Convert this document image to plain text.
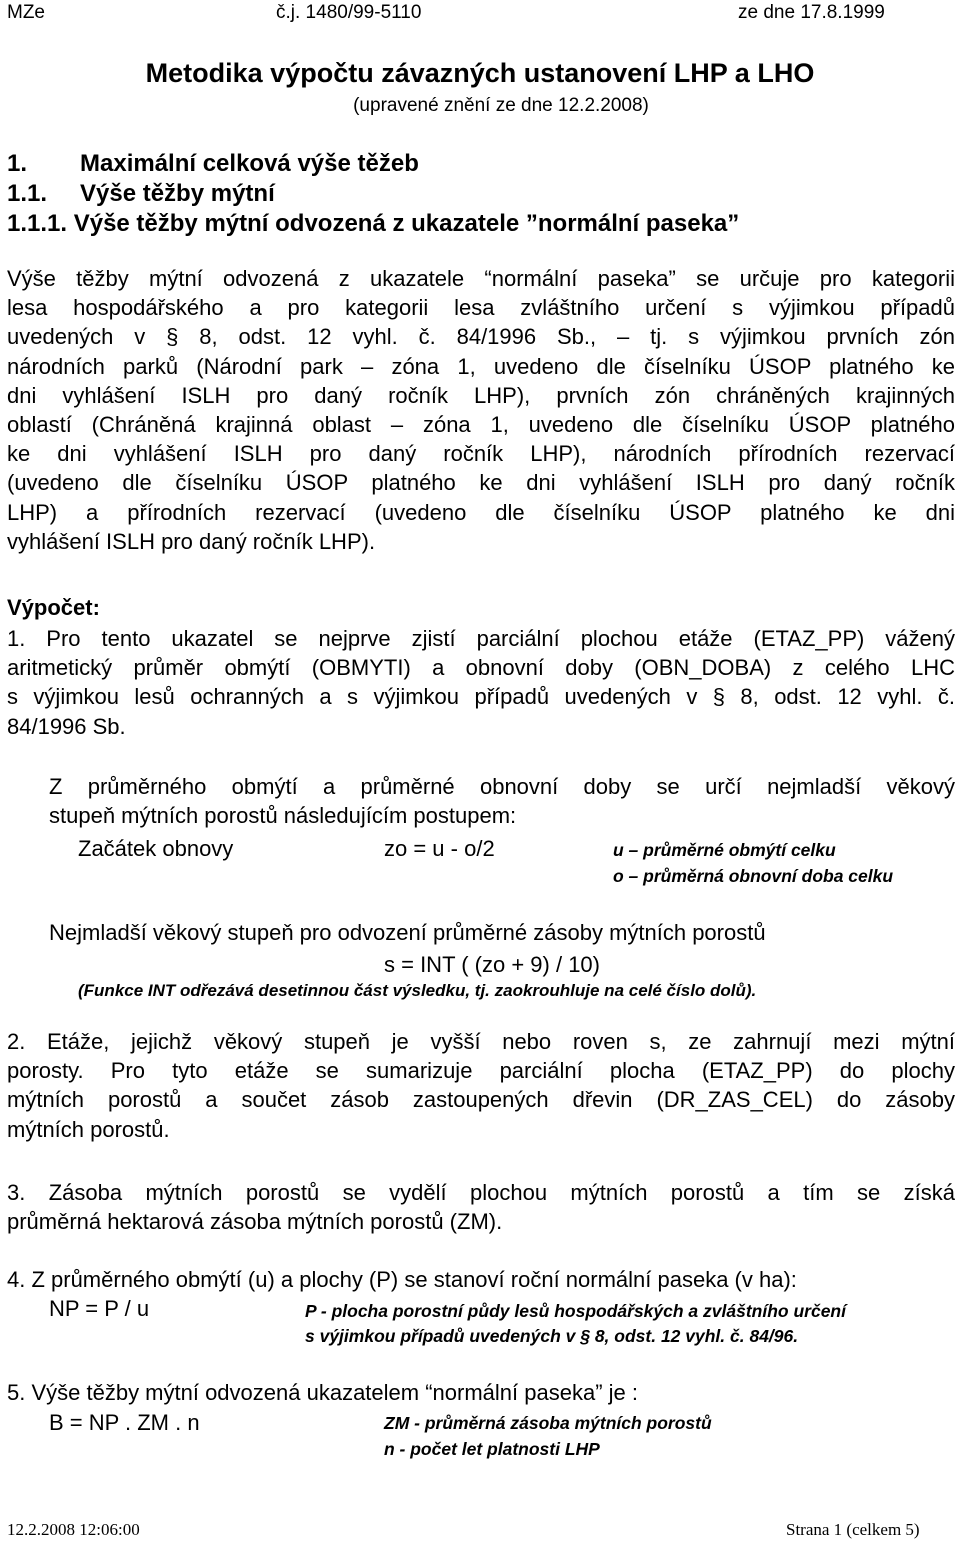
MZe	č.j. 1480/99-5110	ze dne 17.8.1999
Metodika výpočtu závazných ustanovení LHP a LHO
(upravené znění ze dne 12.2.2008)
1. Maximální celková výše těžeb
1.1. Výše těžby mýtní
1.1.1. Výše těžby mýtní odvozená z ukazatele ”normální paseka”
Výše těžby mýtní odvozená z ukazatele “normální paseka” se určuje pro kategorii
lesa hospodářského a pro kategorii lesa zvláštního určení s výjimkou případů
uvedených v § 8, odst. 12 vyhl. č. 84/1996 Sb., – tj. s výjimkou prvních zón
národních parků (Národní park – zóna 1, uvedeno dle číselníku ÚSOP platného ke
dni vyhlášení ISLH pro daný ročník LHP), prvních zón chráněných krajinných
oblastí (Chráněná krajinná oblast – zóna 1, uvedeno dle číselníku ÚSOP platného
ke dni vyhlášení ISLH pro daný ročník LHP), národních přírodních rezervací
(uvedeno dle číselníku ÚSOP platného ke dni vyhlášení ISLH pro daný ročník
LHP) a přírodních rezervací (uvedeno dle číselníku ÚSOP platného ke dni
vyhlášení ISLH pro daný ročník LHP).
Výpočet:
1. Pro tento ukazatel se nejprve zjistí parciální plochou etáže (ETAZ_PP) vážený
aritmetický průměr obmýtí (OBMYTI) a obnovní doby (OBN_DOBA) z celého LHC
s výjimkou lesů ochranných a s výjimkou případů uvedených v § 8, odst. 12 vyhl. č.
84/1996 Sb.
Z průměrného obmýtí a průměrné obnovní doby se určí nejmladší věkový
stupeň mýtních porostů následujícím postupem:
Začátek obnovy	zo = u - o/2	u – průměrné obmýtí celku
o – průměrná obnovní doba celku
Nejmladší věkový stupeň pro odvození průměrné zásoby mýtních porostů
s = INT ( (zo + 9) / 10)
(Funkce INT odřezává desetinnou část výsledku, tj. zaokrouhluje na celé číslo dolů).
2. Etáže, jejichž věkový stupeň je vyšší nebo roven s, ze zahrnují mezi mýtní
porosty. Pro tyto etáže se sumarizuje parciální plocha (ETAZ_PP) do plochy
mýtních porostů a součet zásob zastoupených dřevin (DR_ZAS_CEL) do zásoby
mýtních porostů.
3. Zásoba mýtních porostů se vydělí plochou mýtních porostů a tím se získá
průměrná hektarová zásoba mýtních porostů (ZM).
4. Z průměrného obmýtí (u) a plochy (P) se stanoví roční normální paseka (v ha):
NP = P / u	P - plocha porostní půdy lesů hospodářských a zvláštního určení
s výjimkou případů uvedených v § 8, odst. 12 vyhl. č. 84/96.
5. Výše těžby mýtní odvozená ukazatelem “normální paseka” je :
B = NP . ZM . n	ZM - průměrná zásoba mýtních porostů
n - počet let platnosti LHP
12.2.2008 12:06:00	Strana 1 (celkem 5)
